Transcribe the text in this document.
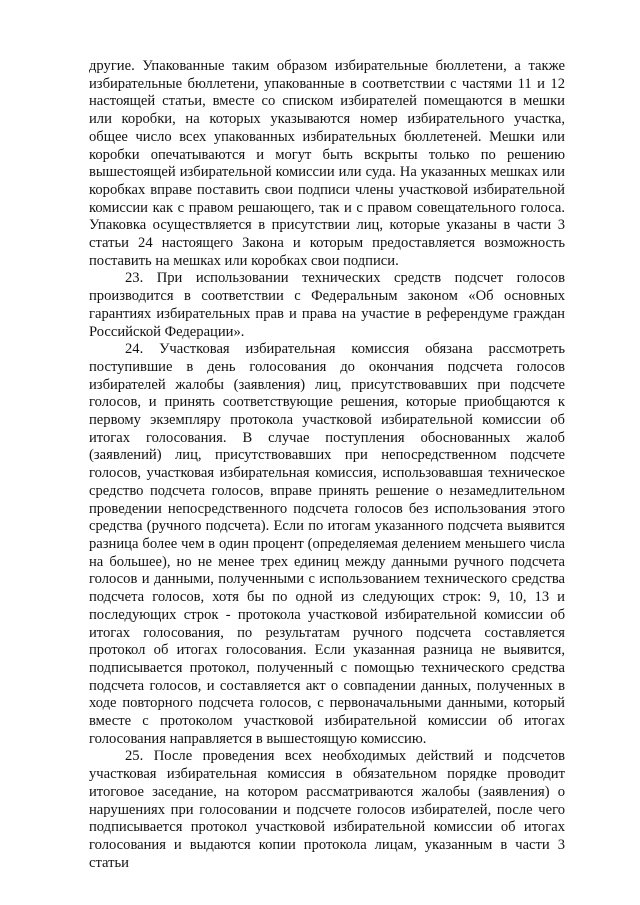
другие. Упакованные таким образом избирательные бюллетени, а также избирательные бюллетени, упакованные в соответствии с частями 11 и 12 настоящей статьи, вместе со списком избирателей помещаются в мешки или коробки, на которых указываются номер избирательного участка, общее число всех упакованных избирательных бюллетеней. Мешки или коробки опечатываются и могут быть вскрыты только по решению вышестоящей избирательной комиссии или суда. На указанных мешках или коробках вправе поставить свои подписи члены участковой избирательной комиссии как с правом решающего, так и с правом совещательного голоса. Упаковка осуществляется в присутствии лиц, которые указаны в части 3 статьи 24 настоящего Закона и которым предоставляется возможность поставить на мешках или коробках свои подписи.

23. При использовании технических средств подсчет голосов производится в соответствии с Федеральным законом «Об основных гарантиях избирательных прав и права на участие в референдуме граждан Российской Федерации».

24. Участковая избирательная комиссия обязана рассмотреть поступившие в день голосования до окончания подсчета голосов избирателей жалобы (заявления) лиц, присутствовавших при подсчете голосов, и принять соответствующие решения, которые приобщаются к первому экземпляру протокола участковой избирательной комиссии об итогах голосования. В случае поступления обоснованных жалоб (заявлений) лиц, присутствовавших при непосредственном подсчете голосов, участковая избирательная комиссия, использовавшая техническое средство подсчета голосов, вправе принять решение о незамедлительном проведении непосредственного подсчета голосов без использования этого средства (ручного подсчета). Если по итогам указанного подсчета выявится разница более чем в один процент (определяемая делением меньшего числа на большее), но не менее трех единиц между данными ручного подсчета голосов и данными, полученными с использованием технического средства подсчета голосов, хотя бы по одной из следующих строк: 9, 10, 13 и последующих строк - протокола участковой избирательной комиссии об итогах голосования, по результатам ручного подсчета составляется протокол об итогах голосования. Если указанная разница не выявится, подписывается протокол, полученный с помощью технического средства подсчета голосов, и составляется акт о совпадении данных, полученных в ходе повторного подсчета голосов, с первоначальными данными, который вместе с протоколом участковой избирательной комиссии об итогах голосования направляется в вышестоящую комиссию.

25. После проведения всех необходимых действий и подсчетов участковая избирательная комиссия в обязательном порядке проводит итоговое заседание, на котором рассматриваются жалобы (заявления) о нарушениях при голосовании и подсчете голосов избирателей, после чего подписывается протокол участковой избирательной комиссии об итогах голосования и выдаются копии протокола лицам, указанным в части 3 статьи
